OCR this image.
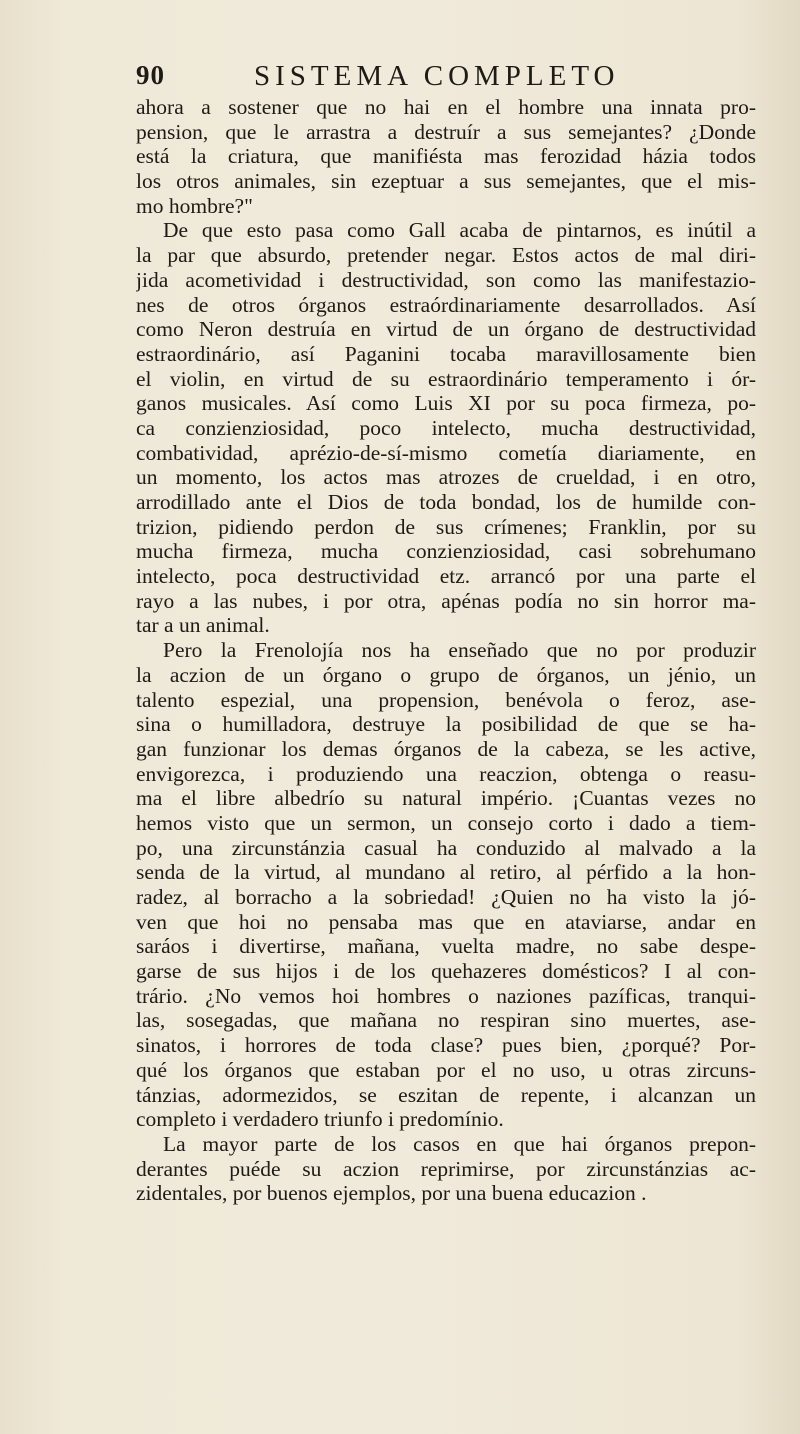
90	SISTEMA COMPLETO
ahora a sostener que no hai en el hombre una innata pro-
pension, que le arrastra a destruír a sus semejantes? ¿Donde
está la criatura, que manifiésta mas ferozidad házia todos
los otros animales, sin ezeptuar a sus semejantes, que el mis-
mo hombre?"
De que esto pasa como Gall acaba de pintarnos, es inútil a
la par que absurdo, pretender negar. Estos actos de mal diri-
jida acometividad i destructividad, son como las manifestazio-
nes de otros órganos estraórdinariamente desarrollados. Así
como Neron destruía en virtud de un órgano de destructividad
estraordinário, así Paganini tocaba maravillosamente bien
el violin, en virtud de su estraordinário temperamento i ór-
ganos musicales. Así como Luis XI por su poca firmeza, po-
ca conzienziosidad, poco intelecto, mucha destructividad,
combatividad, aprézio-de-sí-mismo cometía diariamente, en
un momento, los actos mas atrozes de crueldad, i en otro,
arrodillado ante el Dios de toda bondad, los de humilde con-
trizion, pidiendo perdon de sus crímenes; Franklin, por su
mucha firmeza, mucha conzienziosidad, casi sobrehumano
intelecto, poca destructividad etz. arrancó por una parte el
rayo a las nubes, i por otra, apénas podía no sin horror ma-
tar a un animal.
Pero la Frenolojía nos ha enseñado que no por produzir
la aczion de un órgano o grupo de órganos, un jénio, un
talento espezial, una propension, benévola o feroz, ase-
sina o humilladora, destruye la posibilidad de que se ha-
gan funzionar los demas órganos de la cabeza, se les active,
envigorezca, i produziendo una reaczion, obtenga o reasu-
ma el libre albedrío su natural império. ¡Cuantas vezes no
hemos visto que un sermon, un consejo corto i dado a tiem-
po, una zircunstánzia casual ha conduzido al malvado a la
senda de la virtud, al mundano al retiro, al pérfido a la hon-
radez, al borracho a la sobriedad! ¿Quien no ha visto la jó-
ven que hoi no pensaba mas que en ataviarse, andar en
saráos i divertirse, mañana, vuelta madre, no sabe despe-
garse de sus hijos i de los quehazeres domésticos? I al con-
trário. ¿No vemos hoi hombres o naziones pazíficas, tranqui-
las, sosegadas, que mañana no respiran sino muertes, ase-
sinatos, i horrores de toda clase? pues bien, ¿porqué? Por-
qué los órganos que estaban por el no uso, u otras zircuns-
tánzias, adormezidos, se eszitan de repente, i alcanzan un
completo i verdadero triunfo i predomínio.
La mayor parte de los casos en que hai órganos prepon-
derantes puéde su aczion reprimirse, por zircunstánzias ac-
zidentales, por buenos ejemplos, por una buena educazion .
